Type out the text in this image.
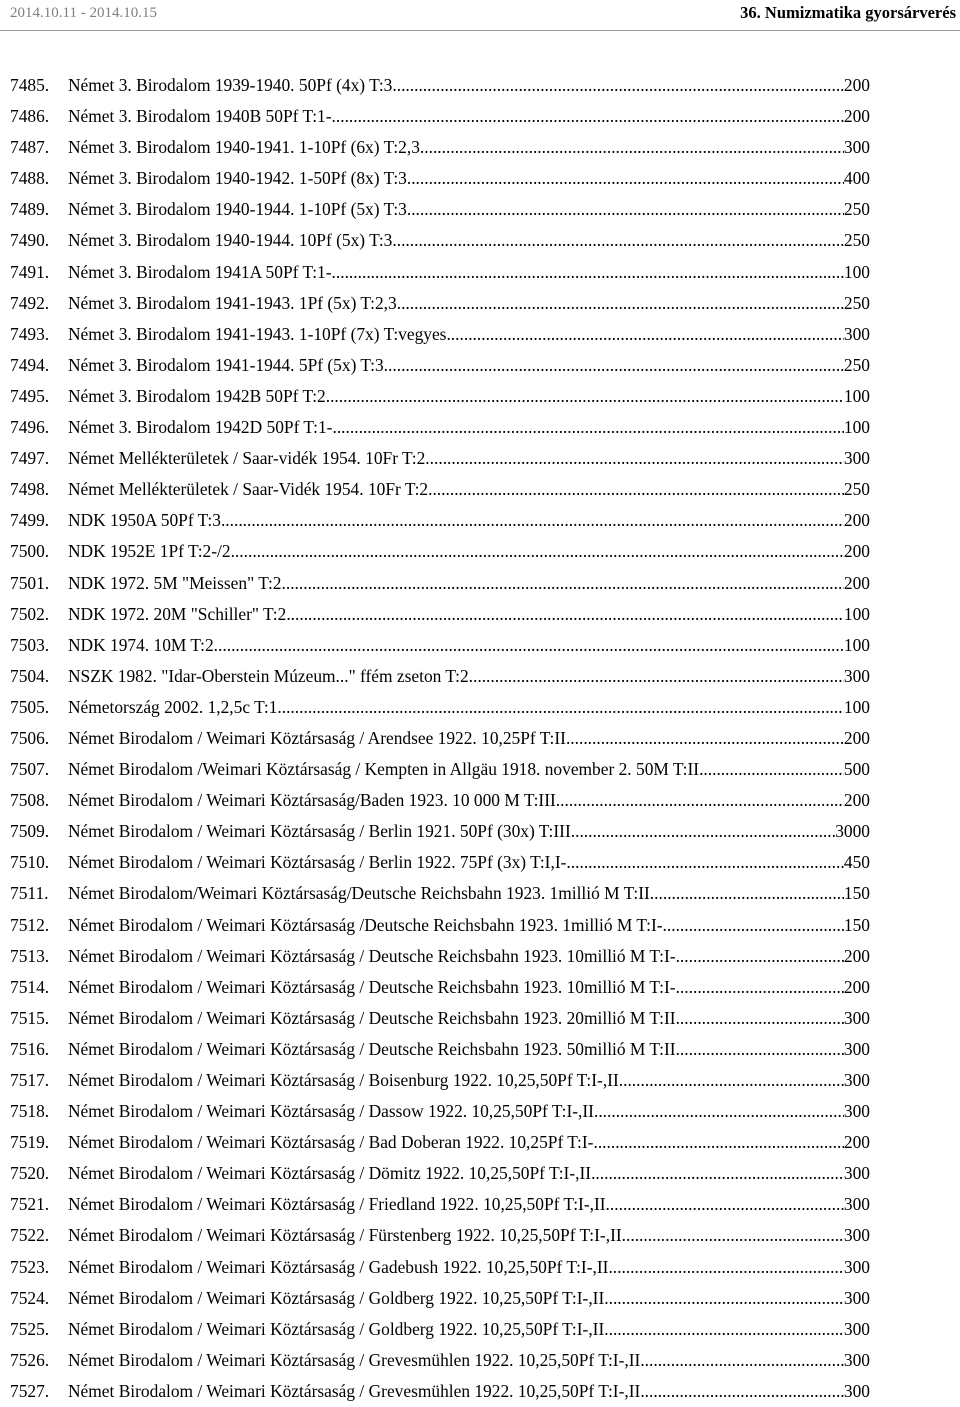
2014.10.11 - 2014.10.15	36. Numizmatika gyorsárverés
7485.	Német 3. Birodalom 1939-1940. 50Pf (4x) T:3 .....	200
7486.	Német 3. Birodalom 1940B 50Pf T:1- .....	200
7487.	Német 3. Birodalom 1940-1941. 1-10Pf (6x) T:2,3 .....	300
7488.	Német 3. Birodalom 1940-1942. 1-50Pf (8x) T:3 .....	400
7489.	Német 3. Birodalom 1940-1944. 1-10Pf (5x) T:3 .....	250
7490.	Német 3. Birodalom 1940-1944. 10Pf (5x) T:3 .....	250
7491.	Német 3. Birodalom 1941A 50Pf T:1- .....	100
7492.	Német 3. Birodalom 1941-1943. 1Pf (5x) T:2,3 .....	250
7493.	Német 3. Birodalom 1941-1943. 1-10Pf (7x) T:vegyes .....	300
7494.	Német 3. Birodalom 1941-1944. 5Pf (5x) T:3 .....	250
7495.	Német 3. Birodalom 1942B 50Pf T:2 .....	100
7496.	Német 3. Birodalom 1942D 50Pf T:1- .....	100
7497.	Német Mellékterületek / Saar-vidék 1954. 10Fr T:2 .....	300
7498.	Német Mellékterületek / Saar-Vidék 1954. 10Fr T:2 .....	250
7499.	NDK 1950A 50Pf T:3 .....	200
7500.	NDK 1952E 1Pf T:2-/2 .....	200
7501.	NDK 1972. 5M "Meissen" T:2 .....	200
7502.	NDK 1972. 20M "Schiller" T:2 .....	100
7503.	NDK 1974. 10M T:2 .....	100
7504.	NSZK 1982. "Idar-Oberstein Múzeum..." ffém zseton T:2 .....	300
7505.	Németország 2002. 1,2,5c T:1 .....	100
7506.	Német Birodalom / Weimari Köztársaság / Arendsee 1922. 10,25Pf T:II .....	200
7507.	Német Birodalom /Weimari Köztársaság / Kempten in Allgäu 1918. november 2. 50M T:II .....	500
7508.	Német Birodalom / Weimari Köztársaság/Baden 1923. 10 000 M T:III .....	200
7509.	Német Birodalom / Weimari Köztársaság / Berlin 1921. 50Pf (30x) T:III .....	3000
7510.	Német Birodalom / Weimari Köztársaság / Berlin 1922. 75Pf (3x) T:I,I- .....	450
7511.	Német Birodalom/Weimari Köztársaság/Deutsche Reichsbahn 1923. 1millió M T:II .....	150
7512.	Német Birodalom / Weimari Köztársaság /Deutsche Reichsbahn 1923. 1millió M T:I- .....	150
7513.	Német Birodalom / Weimari Köztársaság / Deutsche Reichsbahn 1923. 10millió M T:I- .....	200
7514.	Német Birodalom / Weimari Köztársaság / Deutsche Reichsbahn 1923. 10millió M T:I- .....	200
7515.	Német Birodalom / Weimari Köztársaság / Deutsche Reichsbahn 1923. 20millió M T:II .....	300
7516.	Német Birodalom / Weimari Köztársaság / Deutsche Reichsbahn 1923. 50millió M T:II .....	300
7517.	Német Birodalom / Weimari Köztársaság / Boisenburg 1922. 10,25,50Pf T:I-,II .....	300
7518.	Német Birodalom / Weimari Köztársaság / Dassow 1922. 10,25,50Pf T:I-,II .....	300
7519.	Német Birodalom / Weimari Köztársaság / Bad Doberan 1922. 10,25Pf T:I- .....	200
7520.	Német Birodalom / Weimari Köztársaság / Dömitz 1922. 10,25,50Pf T:I-,II .....	300
7521.	Német Birodalom / Weimari Köztársaság / Friedland 1922. 10,25,50Pf T:I-,II .....	300
7522.	Német Birodalom / Weimari Köztársaság / Fürstenberg 1922. 10,25,50Pf T:I-,II .....	300
7523.	Német Birodalom / Weimari Köztársaság / Gadebush 1922. 10,25,50Pf T:I-,II .....	300
7524.	Német Birodalom / Weimari Köztársaság / Goldberg 1922. 10,25,50Pf T:I-,II .....	300
7525.	Német Birodalom / Weimari Köztársaság / Goldberg 1922. 10,25,50Pf T:I-,II .....	300
7526.	Német Birodalom / Weimari Köztársaság / Grevesmühlen 1922. 10,25,50Pf T:I-,II .....	300
7527.	Német Birodalom / Weimari Köztársaság / Grevesmühlen 1922. 10,25,50Pf T:I-,II .....	300
